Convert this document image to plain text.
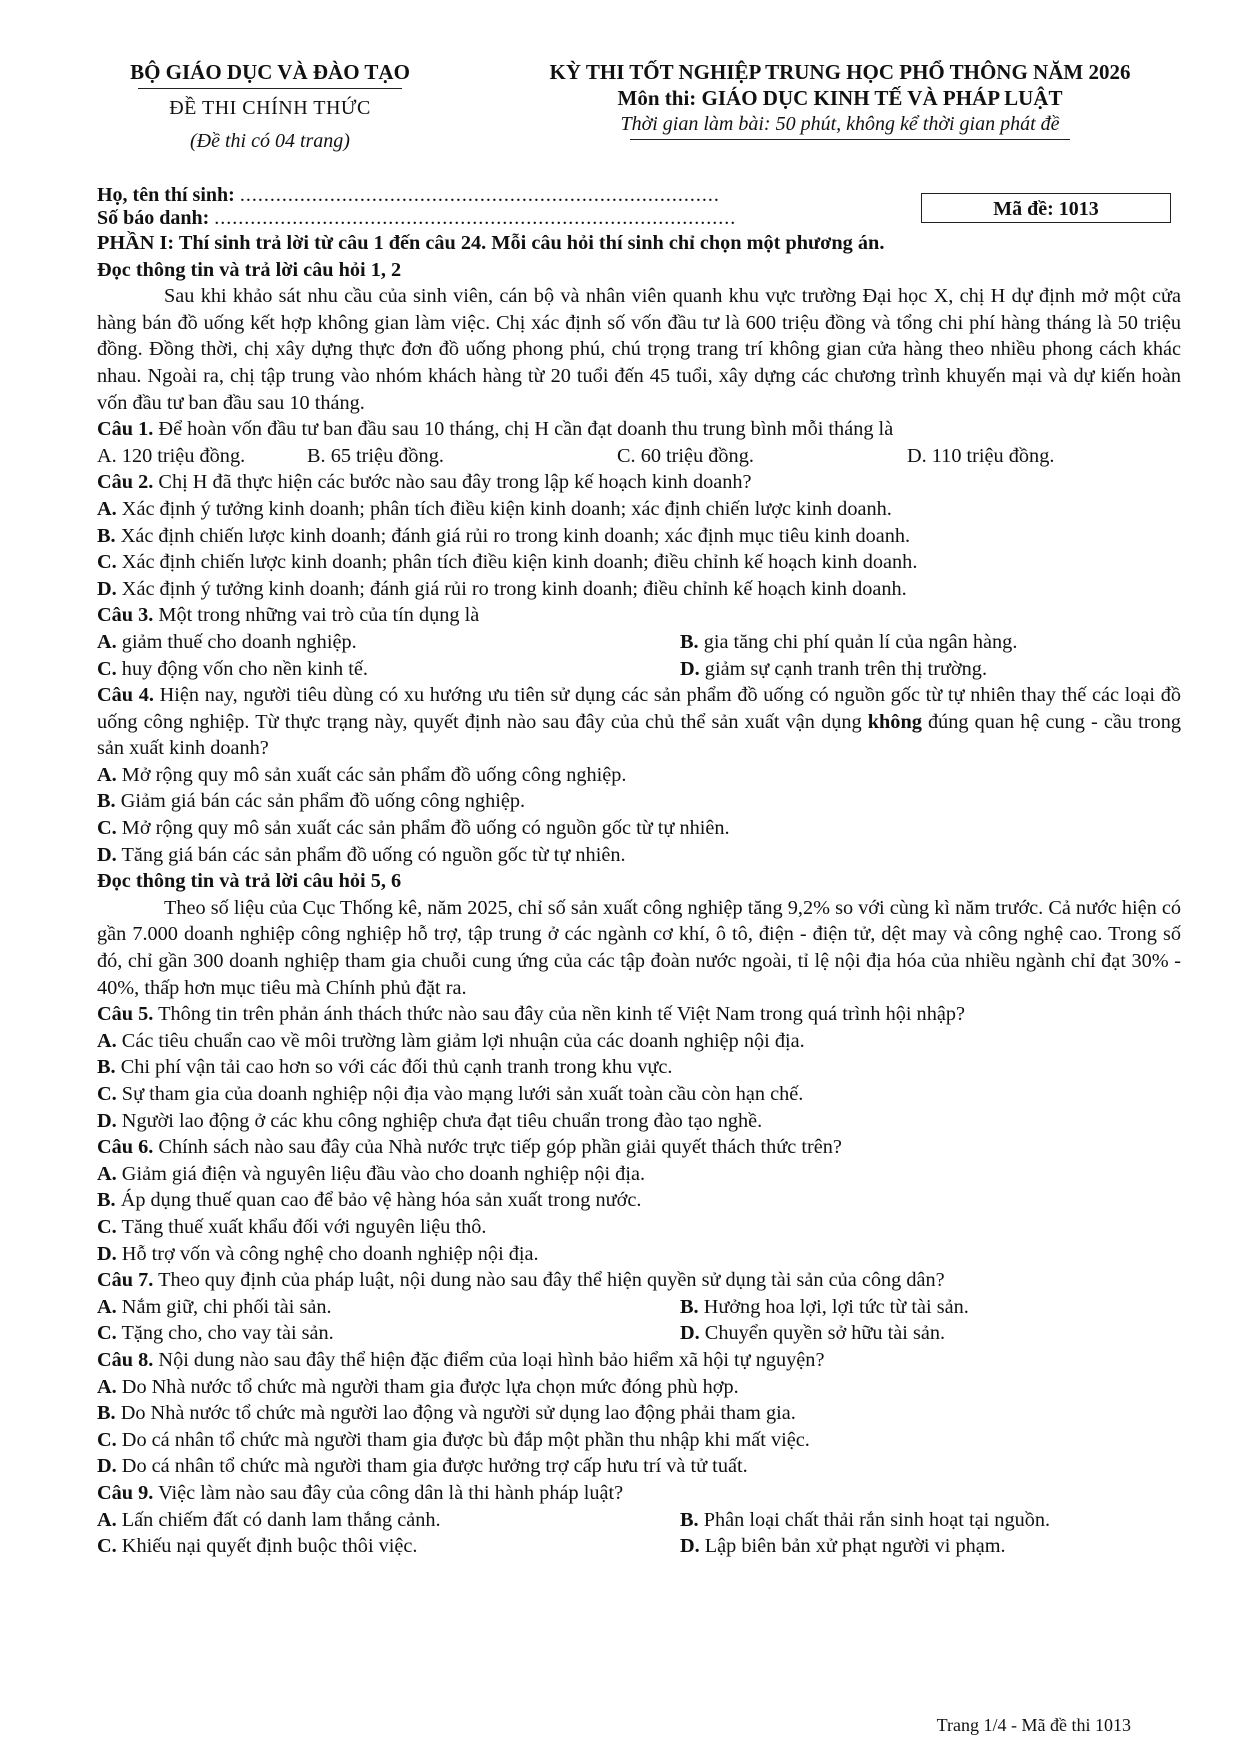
BỘ GIÁO DỤC VÀ ĐÀO TẠO
ĐỀ THI CHÍNH THỨC
(Đề thi có 04 trang)
KỲ THI TỐT NGHIỆP TRUNG HỌC PHỔ THÔNG NĂM 2026
Môn thi: GIÁO DỤC KINH TẾ VÀ PHÁP LUẬT
Thời gian làm bài: 50 phút, không kể thời gian phát đề
Họ, tên thí sinh: ................................................................................
Số báo danh: .......................................................................................	Mã đề: 1013

PHẦN I: Thí sinh trả lời từ câu 1 đến câu 24. Mỗi câu hỏi thí sinh chỉ chọn một phương án.

Đọc thông tin và trả lời câu hỏi 1, 2

Sau khi khảo sát nhu cầu của sinh viên, cán bộ và nhân viên quanh khu vực trường Đại học X, chị H dự định mở một cửa hàng bán đồ uống kết hợp không gian làm việc. Chị xác định số vốn đầu tư là 600 triệu đồng và tổng chi phí hàng tháng là 50 triệu đồng. Đồng thời, chị xây dựng thực đơn đồ uống phong phú, chú trọng trang trí không gian cửa hàng theo nhiều phong cách khác nhau. Ngoài ra, chị tập trung vào nhóm khách hàng từ 20 tuổi đến 45 tuổi, xây dựng các chương trình khuyến mại và dự kiến hoàn vốn đầu tư ban đầu sau 10 tháng.

Câu 1. Để hoàn vốn đầu tư ban đầu sau 10 tháng, chị H cần đạt doanh thu trung bình mỗi tháng là

A. 120 triệu đồng.	B. 65 triệu đồng.	C. 60 triệu đồng.	D. 110 triệu đồng.

Câu 2. Chị H đã thực hiện các bước nào sau đây trong lập kế hoạch kinh doanh?

A. Xác định ý tưởng kinh doanh; phân tích điều kiện kinh doanh; xác định chiến lược kinh doanh.
B. Xác định chiến lược kinh doanh; đánh giá rủi ro trong kinh doanh; xác định mục tiêu kinh doanh.
C. Xác định chiến lược kinh doanh; phân tích điều kiện kinh doanh; điều chỉnh kế hoạch kinh doanh.
D. Xác định ý tưởng kinh doanh; đánh giá rủi ro trong kinh doanh; điều chỉnh kế hoạch kinh doanh.

Câu 3. Một trong những vai trò của tín dụng là

A. giảm thuế cho doanh nghiệp.	B. gia tăng chi phí quản lí của ngân hàng.
C. huy động vốn cho nền kinh tế.	D. giảm sự cạnh tranh trên thị trường.

Câu 4. Hiện nay, người tiêu dùng có xu hướng ưu tiên sử dụng các sản phẩm đồ uống có nguồn gốc từ tự nhiên thay thế các loại đồ uống công nghiệp. Từ thực trạng này, quyết định nào sau đây của chủ thể sản xuất vận dụng không đúng quan hệ cung - cầu trong sản xuất kinh doanh?

A. Mở rộng quy mô sản xuất các sản phẩm đồ uống công nghiệp.
B. Giảm giá bán các sản phẩm đồ uống công nghiệp.
C. Mở rộng quy mô sản xuất các sản phẩm đồ uống có nguồn gốc từ tự nhiên.
D. Tăng giá bán các sản phẩm đồ uống có nguồn gốc từ tự nhiên.

Đọc thông tin và trả lời câu hỏi 5, 6

Theo số liệu của Cục Thống kê, năm 2025, chỉ số sản xuất công nghiệp tăng 9,2% so với cùng kì năm trước. Cả nước hiện có gần 7.000 doanh nghiệp công nghiệp hỗ trợ, tập trung ở các ngành cơ khí, ô tô, điện - điện tử, dệt may và công nghệ cao. Trong số đó, chỉ gần 300 doanh nghiệp tham gia chuỗi cung ứng của các tập đoàn nước ngoài, tỉ lệ nội địa hóa của nhiều ngành chỉ đạt 30% - 40%, thấp hơn mục tiêu mà Chính phủ đặt ra.

Câu 5. Thông tin trên phản ánh thách thức nào sau đây của nền kinh tế Việt Nam trong quá trình hội nhập?

A. Các tiêu chuẩn cao về môi trường làm giảm lợi nhuận của các doanh nghiệp nội địa.
B. Chi phí vận tải cao hơn so với các đối thủ cạnh tranh trong khu vực.
C. Sự tham gia của doanh nghiệp nội địa vào mạng lưới sản xuất toàn cầu còn hạn chế.
D. Người lao động ở các khu công nghiệp chưa đạt tiêu chuẩn trong đào tạo nghề.

Câu 6. Chính sách nào sau đây của Nhà nước trực tiếp góp phần giải quyết thách thức trên?

A. Giảm giá điện và nguyên liệu đầu vào cho doanh nghiệp nội địa.
B. Áp dụng thuế quan cao để bảo vệ hàng hóa sản xuất trong nước.
C. Tăng thuế xuất khẩu đối với nguyên liệu thô.
D. Hỗ trợ vốn và công nghệ cho doanh nghiệp nội địa.

Câu 7. Theo quy định của pháp luật, nội dung nào sau đây thể hiện quyền sử dụng tài sản của công dân?

A. Nắm giữ, chi phối tài sản.	B. Hưởng hoa lợi, lợi tức từ tài sản.
C. Tặng cho, cho vay tài sản.	D. Chuyển quyền sở hữu tài sản.

Câu 8. Nội dung nào sau đây thể hiện đặc điểm của loại hình bảo hiểm xã hội tự nguyện?

A. Do Nhà nước tổ chức mà người tham gia được lựa chọn mức đóng phù hợp.
B. Do Nhà nước tổ chức mà người lao động và người sử dụng lao động phải tham gia.
C. Do cá nhân tổ chức mà người tham gia được bù đắp một phần thu nhập khi mất việc.
D. Do cá nhân tổ chức mà người tham gia được hưởng trợ cấp hưu trí và tử tuất.

Câu 9. Việc làm nào sau đây của công dân là thi hành pháp luật?

A. Lấn chiếm đất có danh lam thắng cảnh.	B. Phân loại chất thải rắn sinh hoạt tại nguồn.
C. Khiếu nại quyết định buộc thôi việc.	D. Lập biên bản xử phạt người vi phạm.
Trang 1/4 - Mã đề thi 1013
